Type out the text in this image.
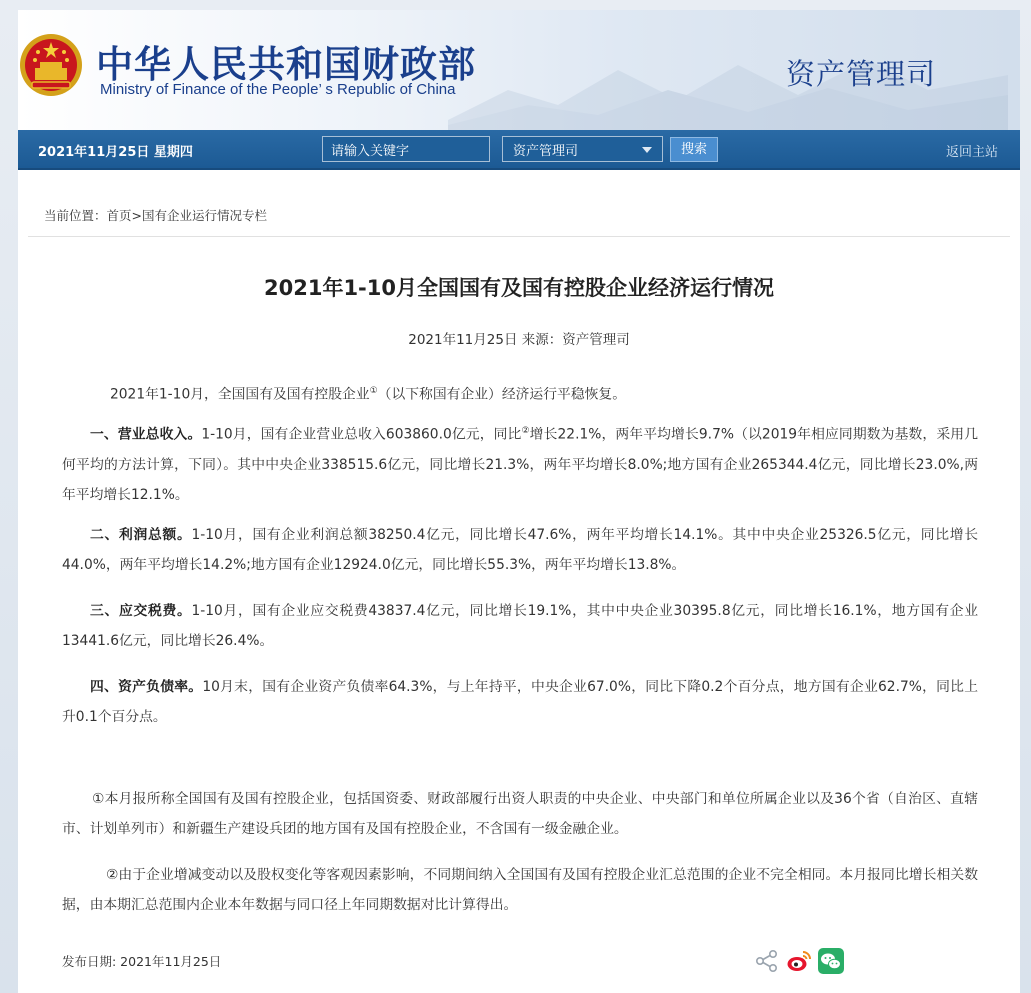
中华人民共和国财政部
Ministry of Finance of the People’ s Republic of China	资产管理司
2021年11月25日 星期四	请输入关键字	资产管理司	搜索	返回主站
当前位置：首页>国有企业运行情况专栏
2021年1-10月全国国有及国有控股企业经济运行情况
2021年11月25日 来源：资产管理司
2021年1-10月，全国国有及国有控股企业①（以下称国有企业）经济运行平稳恢复。
一、营业总收入。1-10月，国有企业营业总收入603860.0亿元，同比②增长22.1%，两年平均增长9.7%（以2019年相应同期数为基数，采用几何平均的方法计算，下同）。其中中央企业338515.6亿元，同比增长21.3%，两年平均增长8.0%;地方国有企业265344.4亿元，同比增长23.0%,两年平均增长12.1%。
二、利润总额。1-10月，国有企业利润总额38250.4亿元，同比增长47.6%，两年平均增长14.1%。其中中央企业25326.5亿元，同比增长44.0%，两年平均增长14.2%;地方国有企业12924.0亿元，同比增长55.3%，两年平均增长13.8%。
三、应交税费。1-10月，国有企业应交税费43837.4亿元，同比增长19.1%，其中中央企业30395.8亿元，同比增长16.1%，地方国有企业13441.6亿元，同比增长26.4%。
四、资产负债率。10月末，国有企业资产负债率64.3%，与上年持平，中央企业67.0%，同比下降0.2个百分点，地方国有企业62.7%，同比上升0.1个百分点。
①本月报所称全国国有及国有控股企业，包括国资委、财政部履行出资人职责的中央企业、中央部门和单位所属企业以及36个省（自治区、直辖市、计划单列市）和新疆生产建设兵团的地方国有及国有控股企业，不含国有一级金融企业。
②由于企业增减变动以及股权变化等客观因素影响，不同期间纳入全国国有及国有控股企业汇总范围的企业不完全相同。本月报同比增长相关数据，由本期汇总范围内企业本年数据与同口径上年同期数据对比计算得出。
发布日期: 2021年11月25日
